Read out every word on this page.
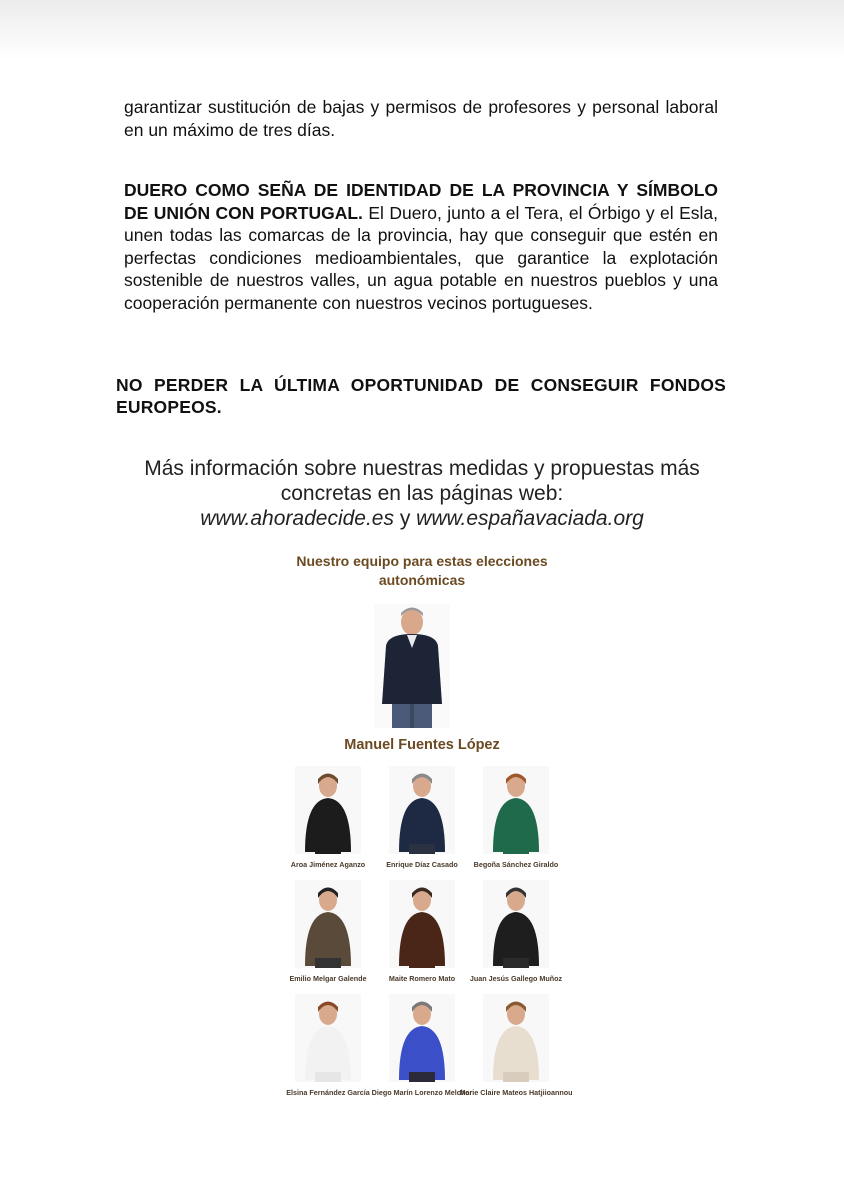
garantizar sustitución de bajas y permisos de profesores y personal laboral en un máximo de tres días.
DUERO COMO SEÑA DE IDENTIDAD DE LA PROVINCIA Y SÍMBOLO DE UNIÓN CON PORTUGAL. El Duero, junto a el Tera, el Órbigo y el Esla, unen todas las comarcas de la provincia, hay que conseguir que estén en perfectas condiciones medioambientales, que garantice la explotación sostenible de nuestros valles, un agua potable en nuestros pueblos y una cooperación permanente con nuestros vecinos portugueses.
NO PERDER LA ÚLTIMA OPORTUNIDAD DE CONSEGUIR FONDOS EUROPEOS.
Más información sobre nuestras medidas y propuestas más
concretas en las páginas web:
www.ahoradecide.es y www.españavaciada.org
Nuestro equipo para estas elecciones
autonómicas
Manuel Fuentes López
Aroa Jiménez Aganzo	Enrique Díaz Casado	Begoña Sánchez Giraldo
Emilio Melgar Galende	Maite Romero Mato	Juan Jesús Gallego Muñoz
Elsina Fernández García Diego Marín Lorenzo Melchor
Marie Claire Mateos Hatjiioannou
